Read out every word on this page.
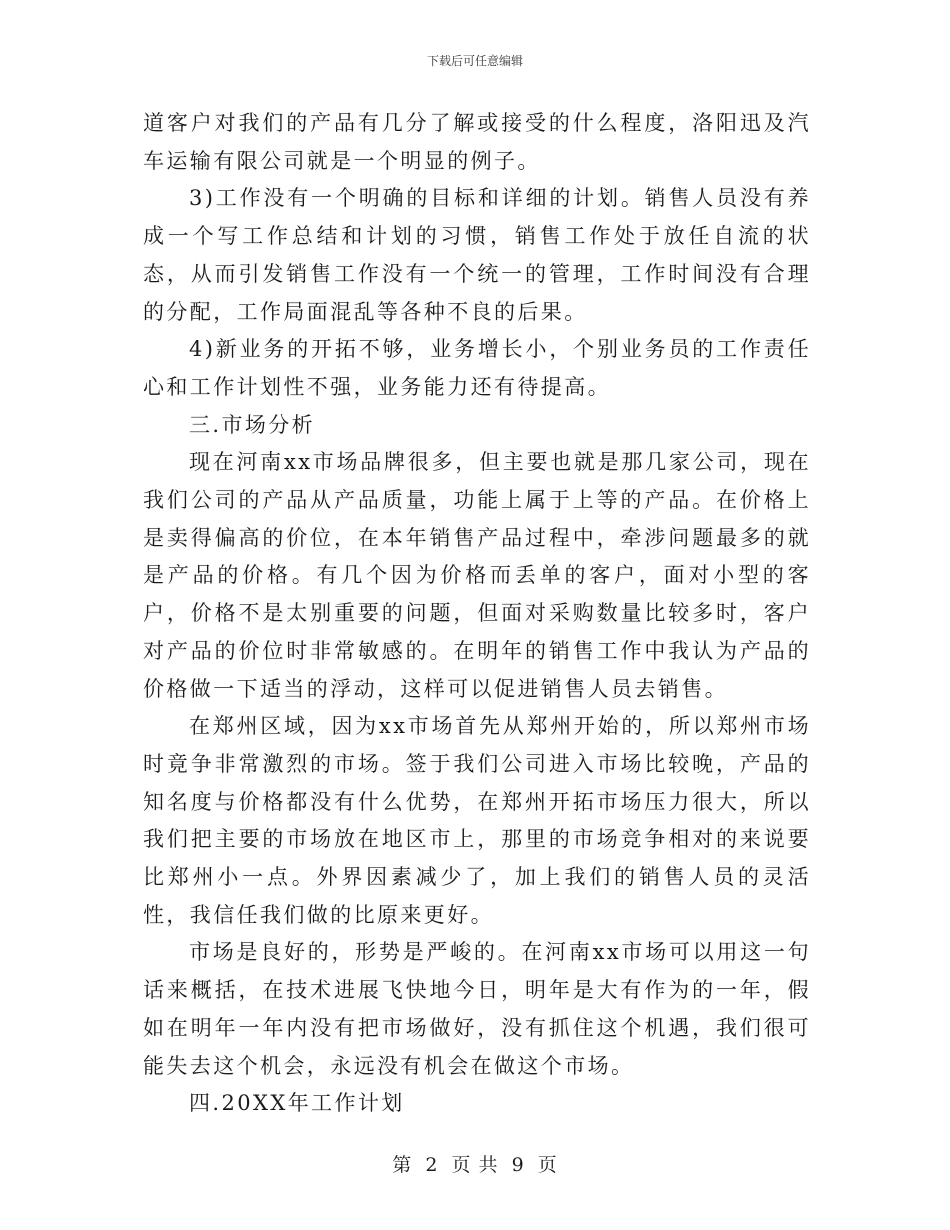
下载后可任意编辑

道客户对我们的产品有几分了解或接受的什么程度，洛阳迅及汽车运输有限公司就是一个明显的例子。

3)工作没有一个明确的目标和详细的计划。销售人员没有养成一个写工作总结和计划的习惯，销售工作处于放任自流的状态，从而引发销售工作没有一个统一的管理，工作时间没有合理的分配，工作局面混乱等各种不良的后果。

4)新业务的开拓不够，业务增长小，个别业务员的工作责任心和工作计划性不强，业务能力还有待提高。

三.市场分析

现在河南xx市场品牌很多，但主要也就是那几家公司，现在我们公司的产品从产品质量，功能上属于上等的产品。在价格上是卖得偏高的价位，在本年销售产品过程中，牵涉问题最多的就是产品的价格。有几个因为价格而丢单的客户，面对小型的客户，价格不是太别重要的问题，但面对采购数量比较多时，客户对产品的价位时非常敏感的。在明年的销售工作中我认为产品的价格做一下适当的浮动，这样可以促进销售人员去销售。

在郑州区域，因为xx市场首先从郑州开始的，所以郑州市场时竟争非常激烈的市场。签于我们公司进入市场比较晚，产品的知名度与价格都没有什么优势，在郑州开拓市场压力很大，所以我们把主要的市场放在地区市上，那里的市场竞争相对的来说要比郑州小一点。外界因素减少了，加上我们的销售人员的灵活性，我信任我们做的比原来更好。

市场是良好的，形势是严峻的。在河南xx市场可以用这一句话来概括，在技术进展飞快地今日，明年是大有作为的一年，假如在明年一年内没有把市场做好，没有抓住这个机遇，我们很可能失去这个机会，永远没有机会在做这个市场。

四.20XX年工作计划

第 2 页 共 9 页
